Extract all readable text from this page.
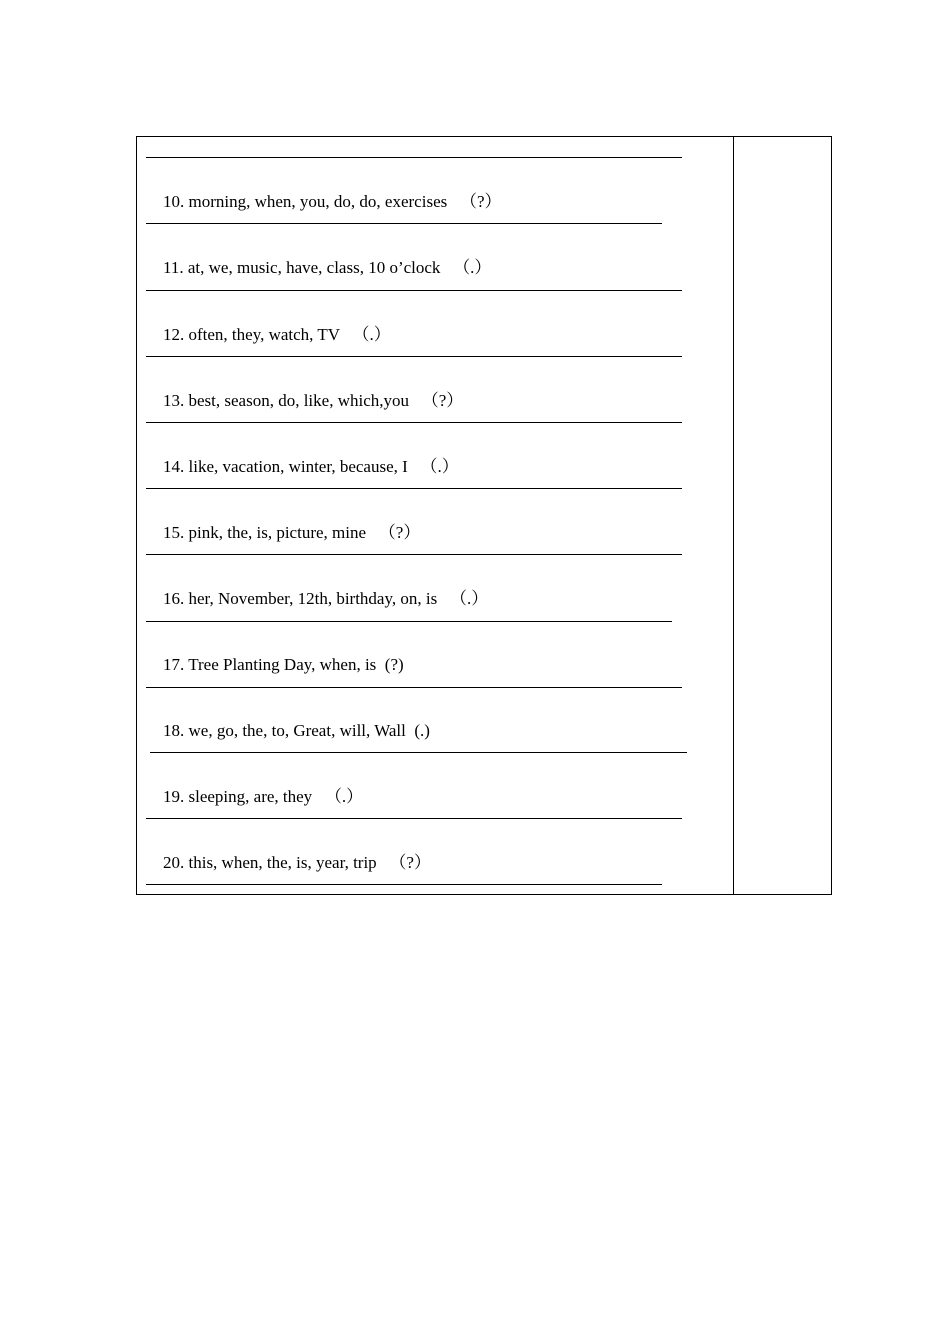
10. morning, when, you, do, do, exercises （?）

11. at, we, music, have, class, 10 o’clock （.）

12. often, they, watch, TV （.）

13. best, season, do, like, which,you （?）

14. like, vacation, winter, because, I （.）

15. pink, the, is, picture, mine （?）

16. her, November, 12th, birthday, on, is （.）

17. Tree Planting Day, when, is (?)

18. we, go, the, to, Great, will, Wall (.)

19. sleeping, are, they （.）

20. this, when, the, is, year, trip （?）
